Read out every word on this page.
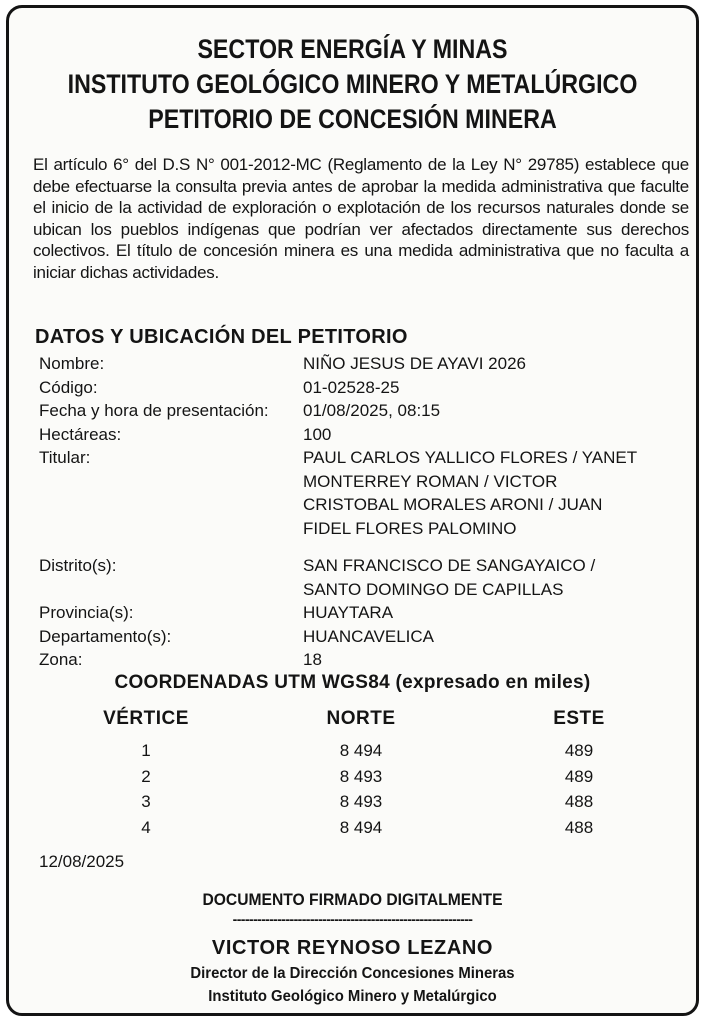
SECTOR ENERGÍA Y MINAS
INSTITUTO GEOLÓGICO MINERO Y METALÚRGICO
PETITORIO DE CONCESIÓN MINERA
El artículo 6° del D.S N° 001-2012-MC (Reglamento de la Ley N° 29785) establece que debe efectuarse la consulta previa antes de aprobar la medida administrativa que faculte el inicio de la actividad de exploración o explotación de los recursos naturales donde se ubican los pueblos indígenas que podrían ver afectados directamente sus derechos colectivos. El título de concesión minera es una medida administrativa que no faculta a iniciar dichas actividades.
DATOS Y UBICACIÓN DEL PETITORIO
Nombre:	NIÑO JESUS DE AYAVI 2026
Código:	01-02528-25
Fecha y hora de presentación:	01/08/2025, 08:15
Hectáreas:	100
Titular:	PAUL CARLOS YALLICO FLORES / YANET MONTERREY ROMAN / VICTOR CRISTOBAL MORALES ARONI / JUAN FIDEL FLORES PALOMINO
Distrito(s):	SAN FRANCISCO DE SANGAYAICO / SANTO DOMINGO DE CAPILLAS
Provincia(s):	HUAYTARA
Departamento(s):	HUANCAVELICA
Zona:	18
COORDENADAS UTM WGS84 (expresado en miles)
VÉRTICE	NORTE	ESTE
1	8 494	489
2	8 493	489
3	8 493	488
4	8 494	488
12/08/2025
DOCUMENTO FIRMADO DIGITALMENTE
-----------------------------------------------------------
VICTOR REYNOSO LEZANO
Director de la Dirección Concesiones Mineras
Instituto Geológico Minero y Metalúrgico
